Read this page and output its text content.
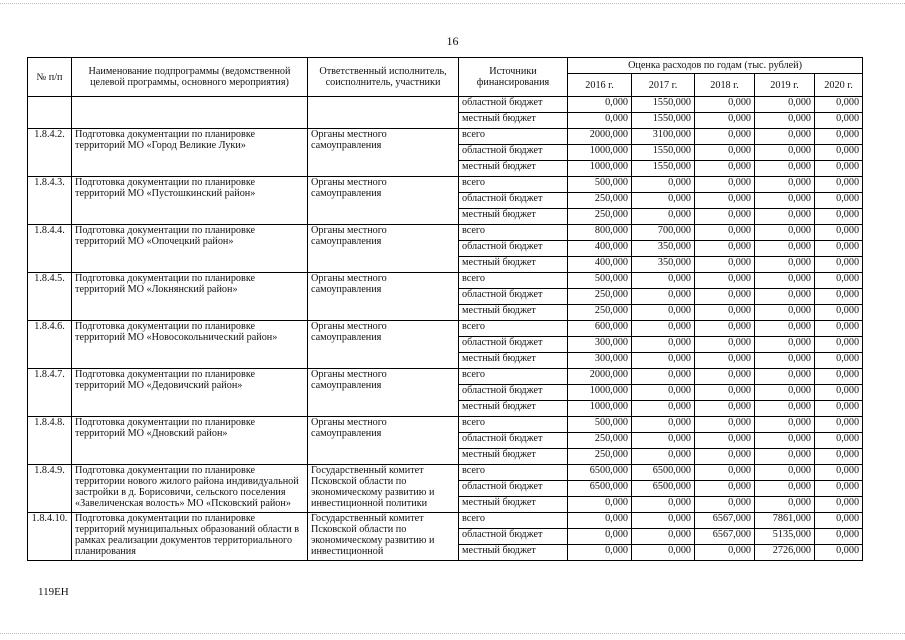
16
№ п/п	Наименование подпрограммы (ведомственной целевой программы, основного мероприятия)	Ответственный исполнитель, соисполнитель, участники	Источники финансирования	Оценка расходов по годам (тыс. рублей)				
				2016 г.	2017 г.	2018 г.	2019 г.	2020 г.
			областной бюджет	0,000	1550,000	0,000	0,000	0,000
			местный бюджет	0,000	1550,000	0,000	0,000	0,000
1.8.4.2.	Подготовка документации по планировке территорий МО «Город Великие Луки»	Органы местного самоуправления	всего	2000,000	3100,000	0,000	0,000	0,000
			областной бюджет	1000,000	1550,000	0,000	0,000	0,000
			местный бюджет	1000,000	1550,000	0,000	0,000	0,000
1.8.4.3.	Подготовка документации по планировке территорий МО «Пустошкинский район»	Органы местного самоуправления	всего	500,000	0,000	0,000	0,000	0,000
			областной бюджет	250,000	0,000	0,000	0,000	0,000
			местный бюджет	250,000	0,000	0,000	0,000	0,000
1.8.4.4.	Подготовка документации по планировке территорий МО «Опочецкий район»	Органы местного самоуправления	всего	800,000	700,000	0,000	0,000	0,000
			областной бюджет	400,000	350,000	0,000	0,000	0,000
			местный бюджет	400,000	350,000	0,000	0,000	0,000
1.8.4.5.	Подготовка документации по планировке территорий МО «Локнянский район»	Органы местного самоуправления	всего	500,000	0,000	0,000	0,000	0,000
			областной бюджет	250,000	0,000	0,000	0,000	0,000
			местный бюджет	250,000	0,000	0,000	0,000	0,000
1.8.4.6.	Подготовка документации по планировке территорий МО «Новосокольнический район»	Органы местного самоуправления	всего	600,000	0,000	0,000	0,000	0,000
			областной бюджет	300,000	0,000	0,000	0,000	0,000
			местный бюджет	300,000	0,000	0,000	0,000	0,000
1.8.4.7.	Подготовка документации по планировке территорий МО «Дедовичский район»	Органы местного самоуправления	всего	2000,000	0,000	0,000	0,000	0,000
			областной бюджет	1000,000	0,000	0,000	0,000	0,000
			местный бюджет	1000,000	0,000	0,000	0,000	0,000
1.8.4.8.	Подготовка документации по планировке территорий МО «Дновский район»	Органы местного самоуправления	всего	500,000	0,000	0,000	0,000	0,000
			областной бюджет	250,000	0,000	0,000	0,000	0,000
			местный бюджет	250,000	0,000	0,000	0,000	0,000
1.8.4.9.	Подготовка документации по планировке территории нового жилого района индивидуальной застройки в д. Борисовичи, сельского поселения «Завеличенская волость» МО «Псковский район»	Государственный комитет Псковской области по экономическому развитию и инвестиционной политики	всего	6500,000	6500,000	0,000	0,000	0,000
			областной бюджет	6500,000	6500,000	0,000	0,000	0,000
			местный бюджет	0,000	0,000	0,000	0,000	0,000
1.8.4.10.	Подготовка документации по планировке территорий муниципальных образований области в рамках реализации документов территориального планирования	Государственный комитет Псковской области по экономическому развитию и инвестиционной	всего	0,000	0,000	6567,000	7861,000	0,000
			областной бюджет	0,000	0,000	6567,000	5135,000	0,000
			местный бюджет	0,000	0,000	0,000	2726,000	0,000
119EH
